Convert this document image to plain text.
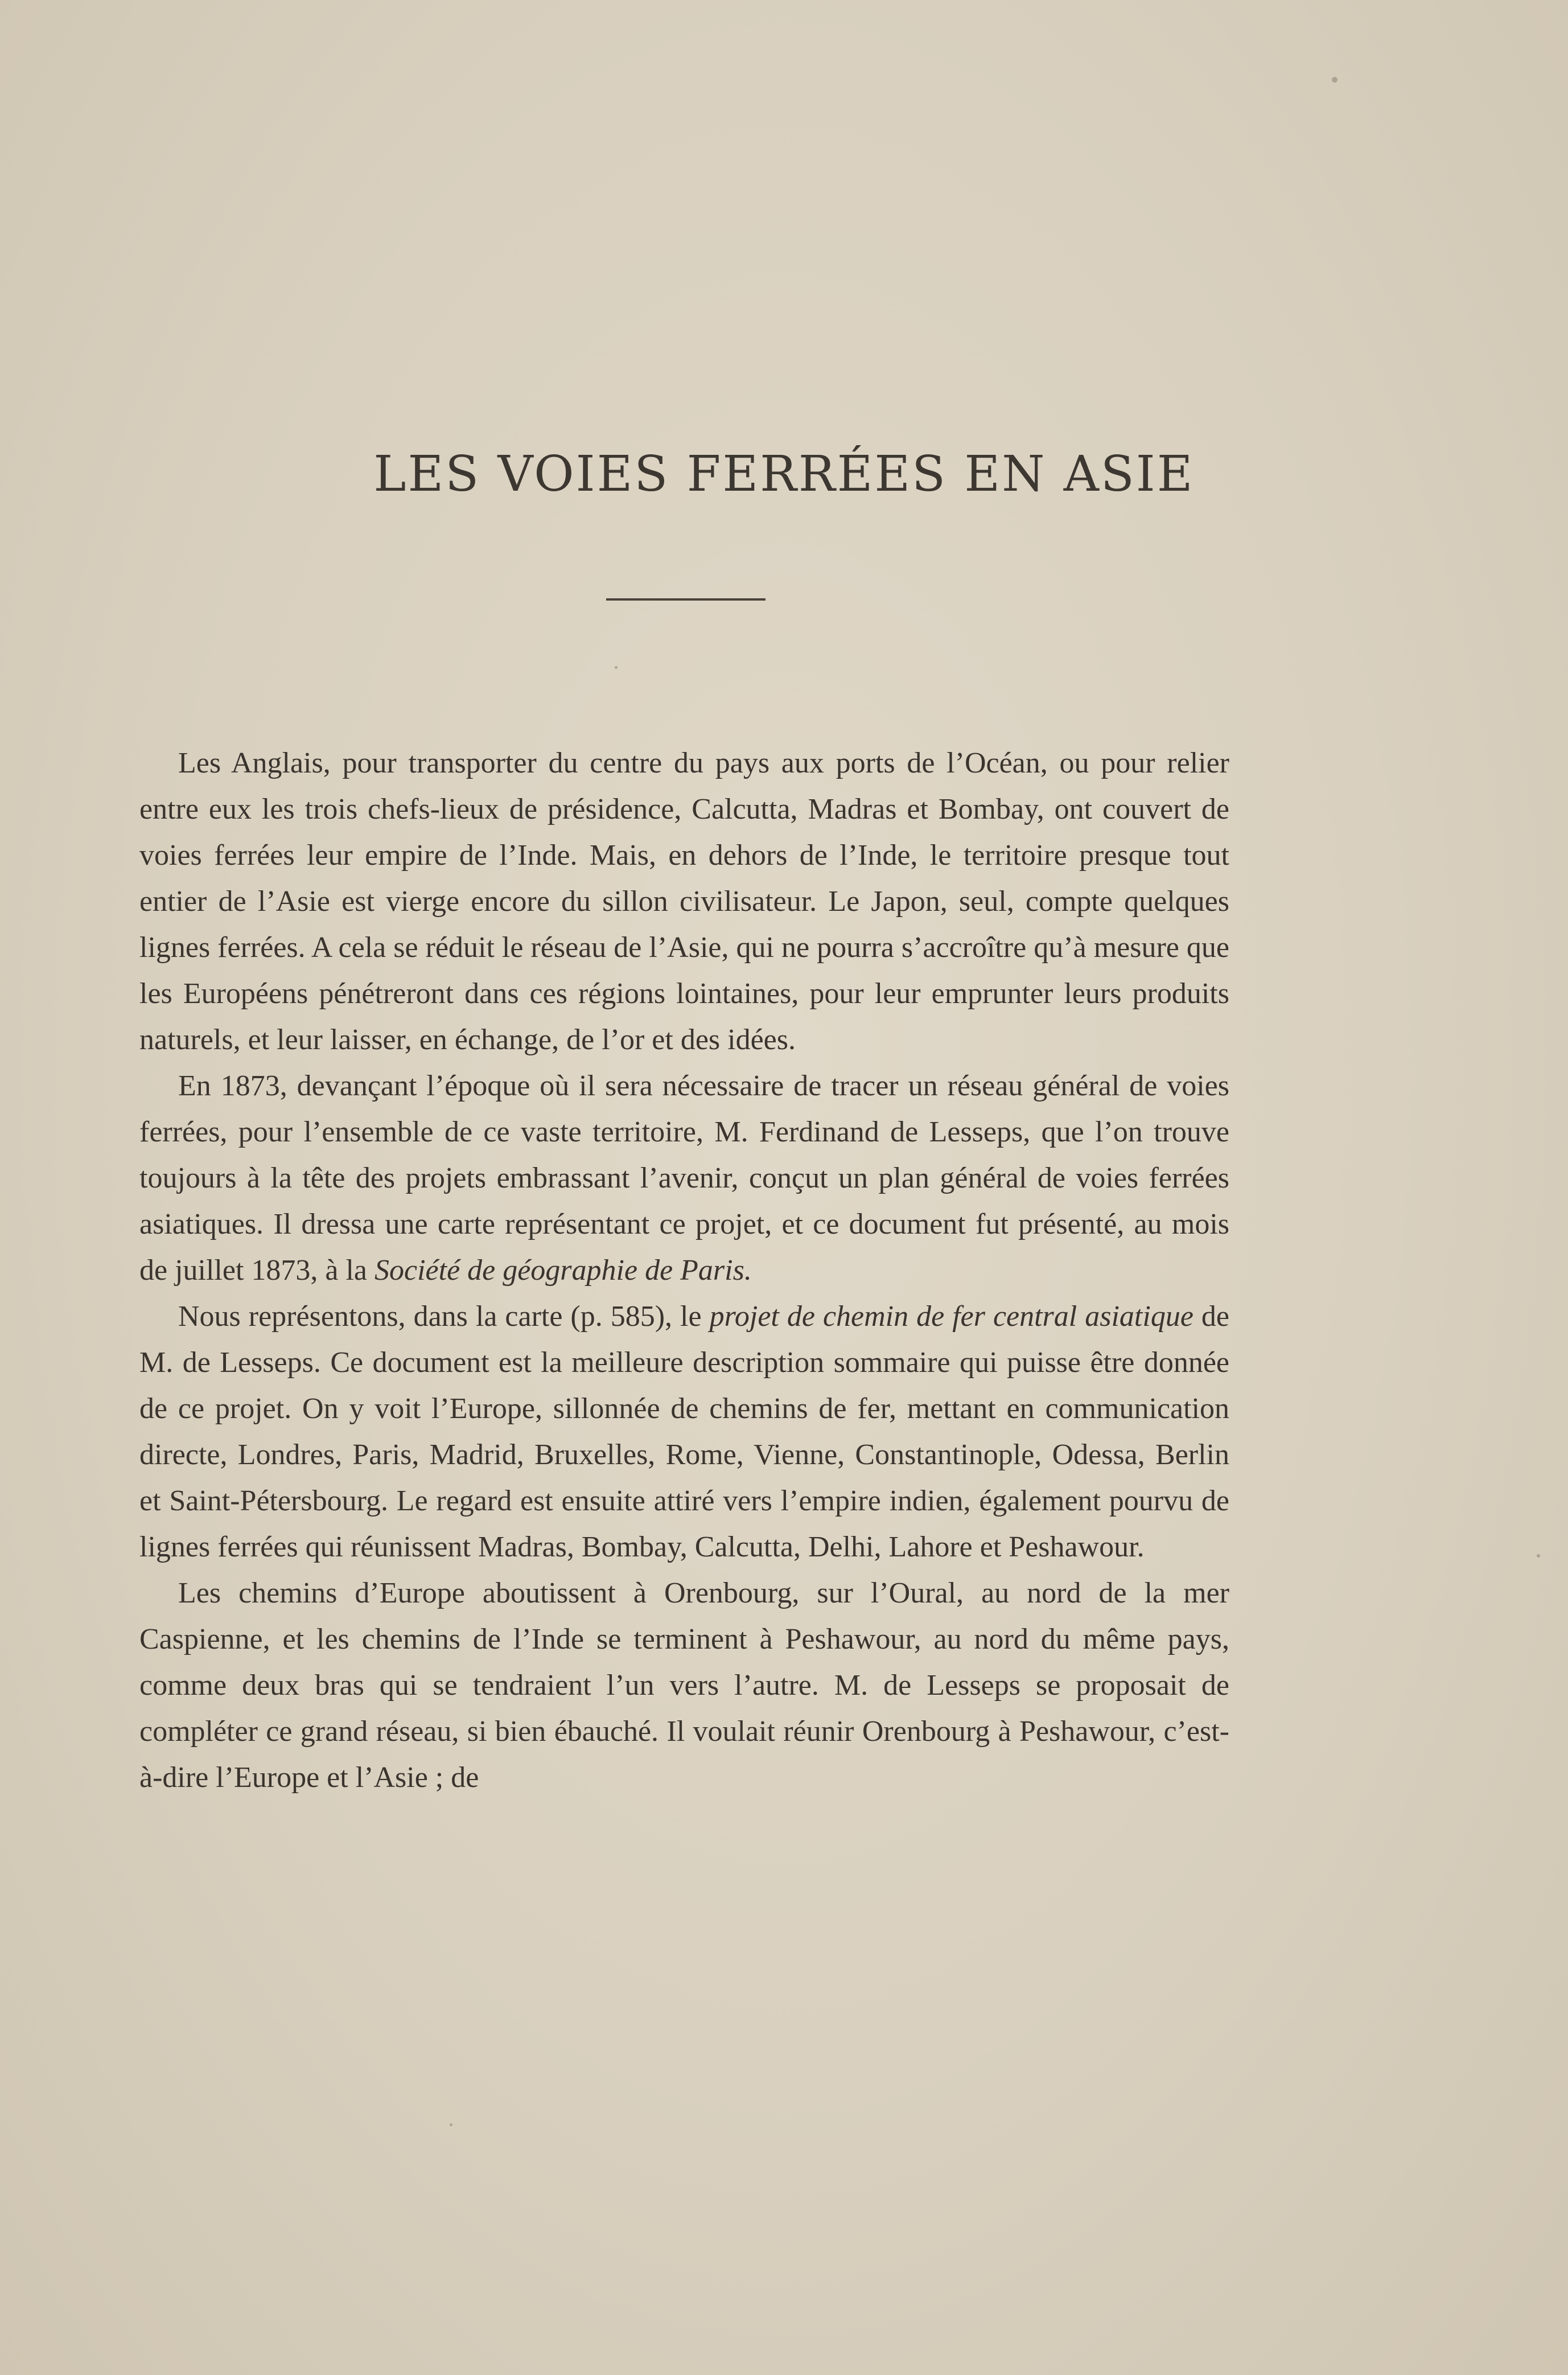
LES VOIES FERRÉES EN ASIE

Les Anglais, pour transporter du centre du pays aux ports de l’Océan, ou pour relier entre eux les trois chefs-lieux de présidence, Calcutta, Madras et Bombay, ont couvert de voies ferrées leur empire de l’Inde. Mais, en dehors de l’Inde, le territoire presque tout entier de l’Asie est vierge encore du sillon civilisateur. Le Japon, seul, compte quelques lignes ferrées. A cela se réduit le réseau de l’Asie, qui ne pourra s’accroître qu’à mesure que les Européens pénétreront dans ces régions lointaines, pour leur emprunter leurs produits naturels, et leur laisser, en échange, de l’or et des idées.

En 1873, devançant l’époque où il sera nécessaire de tracer un réseau général de voies ferrées, pour l’ensemble de ce vaste territoire, M. Ferdinand de Lesseps, que l’on trouve toujours à la tête des projets embrassant l’avenir, conçut un plan général de voies ferrées asiatiques. Il dressa une carte représentant ce projet, et ce document fut présenté, au mois de juillet 1873, à la Société de géographie de Paris.

Nous représentons, dans la carte (p. 585), le projet de chemin de fer central asiatique de M. de Lesseps. Ce document est la meilleure description sommaire qui puisse être donnée de ce projet. On y voit l’Europe, sillonnée de chemins de fer, mettant en communication directe, Londres, Paris, Madrid, Bruxelles, Rome, Vienne, Constantinople, Odessa, Berlin et Saint-Pétersbourg. Le regard est ensuite attiré vers l’empire indien, également pourvu de lignes ferrées qui réunissent Madras, Bombay, Calcutta, Delhi, Lahore et Peshawour.

Les chemins d’Europe aboutissent à Orenbourg, sur l’Oural, au nord de la mer Caspienne, et les chemins de l’Inde se terminent à Peshawour, au nord du même pays, comme deux bras qui se tendraient l’un vers l’autre. M. de Lesseps se proposait de compléter ce grand réseau, si bien ébauché. Il voulait réunir Orenbourg à Peshawour, c’est-à-dire l’Europe et l’Asie ; de
